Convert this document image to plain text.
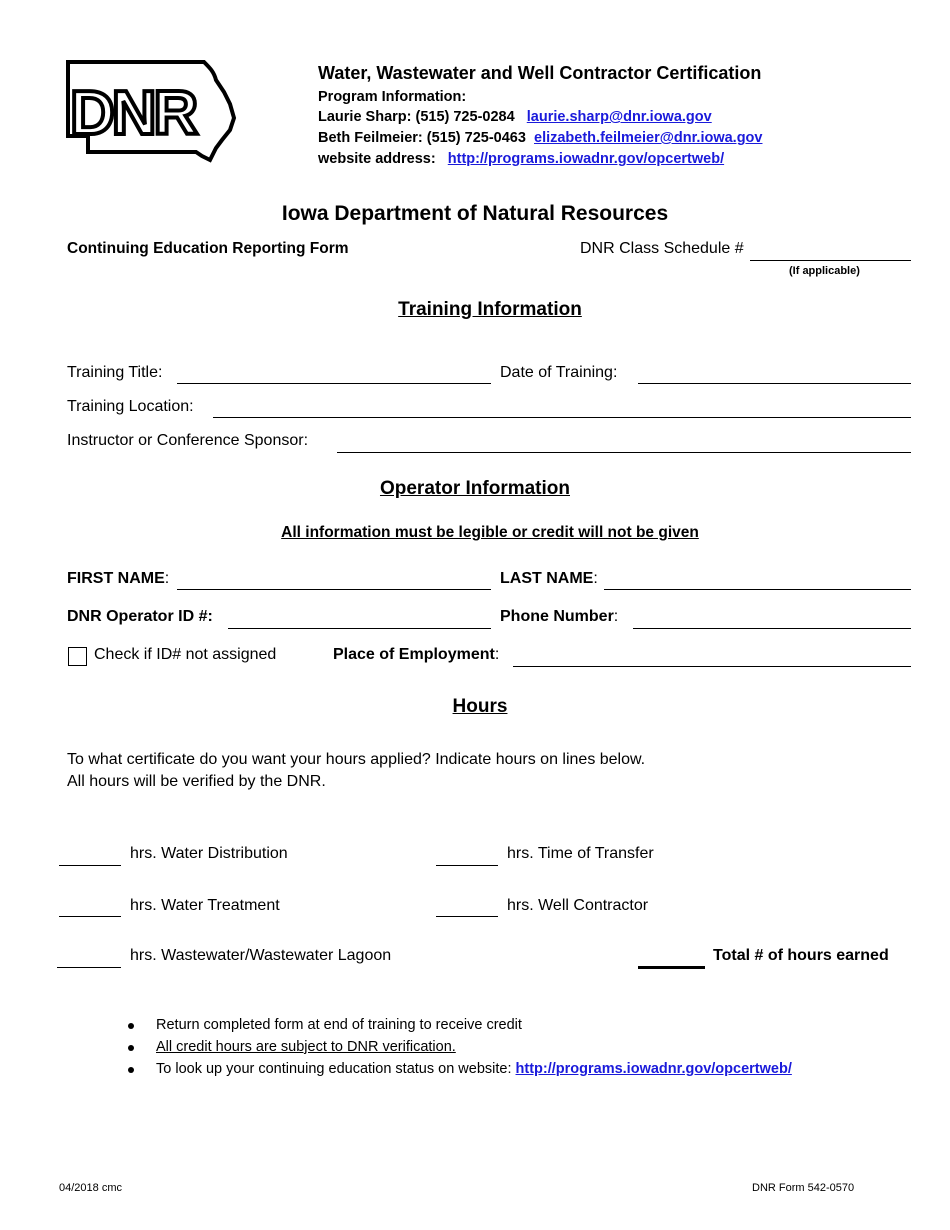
DNR
Water, Wastewater and Well Contractor Certification
Program Information:
Laurie Sharp: (515) 725-0284 laurie.sharp@dnr.iowa.gov
Beth Feilmeier: (515) 725-0463 elizabeth.feilmeier@dnr.iowa.gov
website address: http://programs.iowadnr.gov/opcertweb/
Iowa Department of Natural Resources
Continuing Education Reporting Form	DNR Class Schedule #
(If applicable)
Training Information
Training Title:	Date of Training:
Training Location:
Instructor or Conference Sponsor:
Operator Information
All information must be legible or credit will not be given
FIRST NAME:	LAST NAME:
DNR Operator ID #:	Phone Number:
Check if ID# not assigned	Place of Employment:
Hours
To what certificate do you want your hours applied? Indicate hours on lines below.
All hours will be verified by the DNR.
hrs. Water Distribution	hrs. Time of Transfer
hrs. Water Treatment	hrs. Well Contractor
hrs. Wastewater/Wastewater Lagoon	Total # of hours earned
Return completed form at end of training to receive credit
All credit hours are subject to DNR verification.
To look up your continuing education status on website: http://programs.iowadnr.gov/opcertweb/
04/2018 cmc	DNR Form 542-0570
